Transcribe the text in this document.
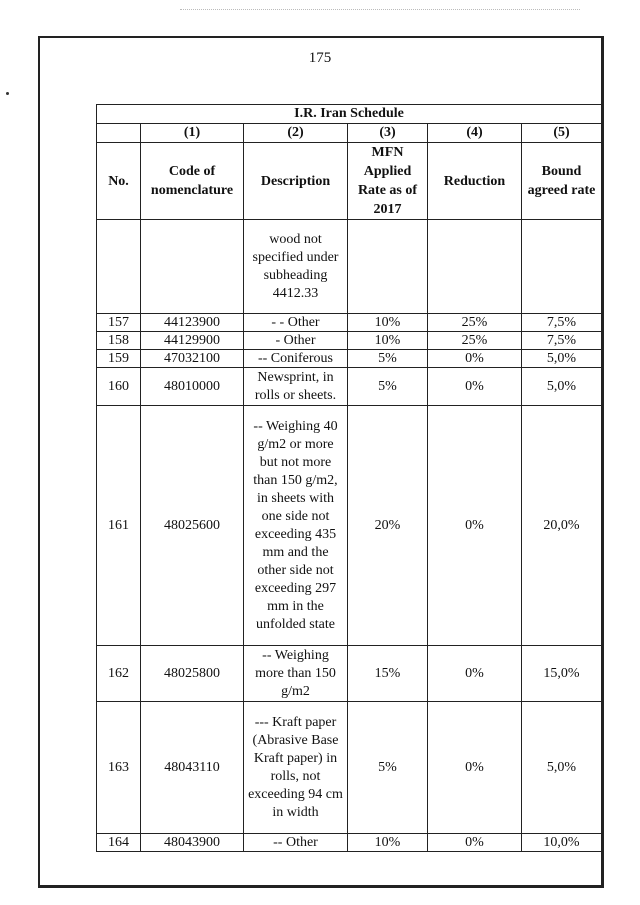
175
I.R. Iran Schedule					
	(1)	(2)	(3)	(4)	(5)
No.	Code of nomenclature	Description	MFN Applied Rate as of 2017	Reduction	Bound agreed rate
		wood not specified under subheading 4412.33			
157	44123900	- - Other	10%	25%	7,5%
158	44129900	- Other	10%	25%	7,5%
159	47032100	-- Coniferous	5%	0%	5,0%
160	48010000	Newsprint, in rolls or sheets.	5%	0%	5,0%
161	48025600	-- Weighing 40 g/m2 or more but not more than 150 g/m2, in sheets with one side not exceeding 435 mm and the other side not exceeding 297 mm in the unfolded state	20%	0%	20,0%
162	48025800	-- Weighing more than 150 g/m2	15%	0%	15,0%
163	48043110	--- Kraft paper (Abrasive Base Kraft paper) in rolls, not exceeding 94 cm in width	5%	0%	5,0%
164	48043900	-- Other	10%	0%	10,0%
